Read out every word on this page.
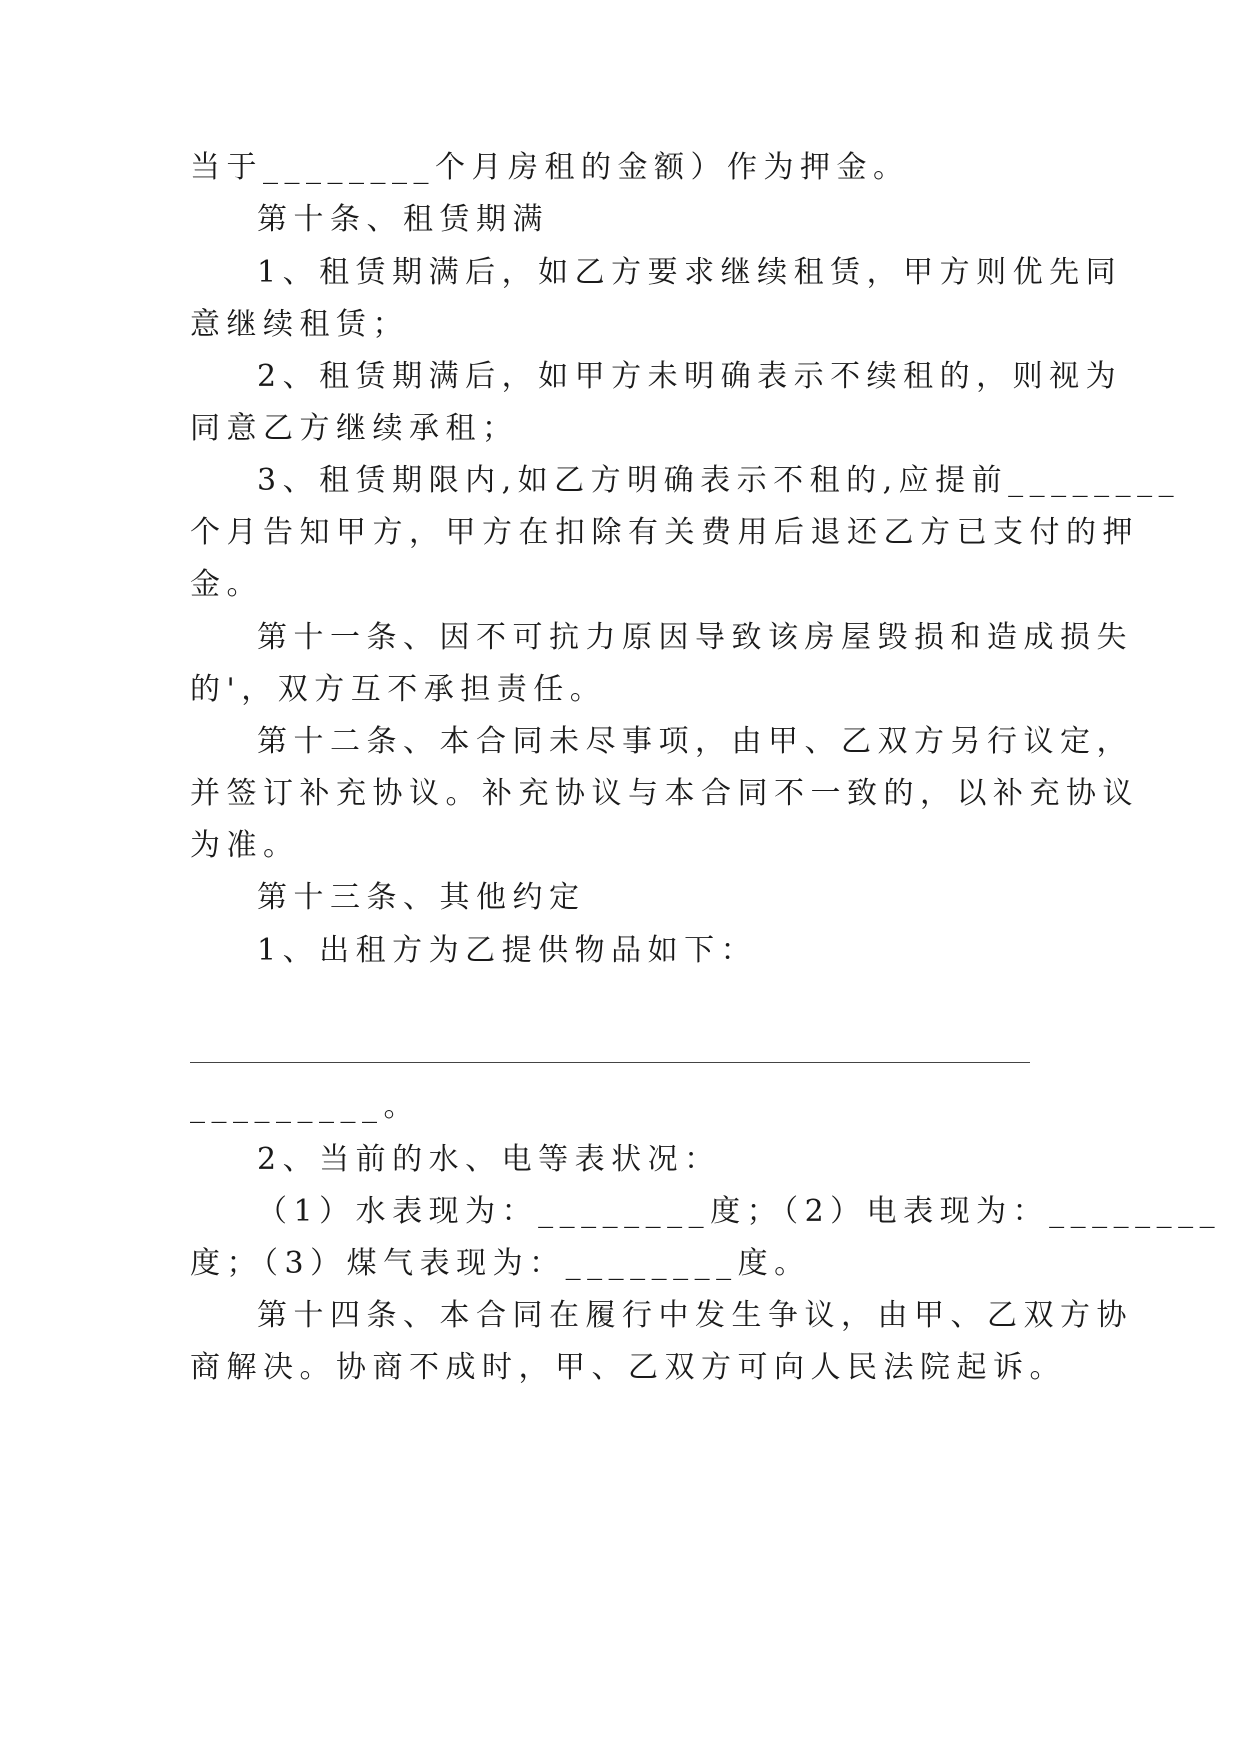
当于________个月房租的金额）作为押金。
第十条、租赁期满
1、租赁期满后，如乙方要求继续租赁，甲方则优先同
意继续租赁；
2、租赁期满后，如甲方未明确表示不续租的，则视为
同意乙方继续承租；
3、租赁期限内,如乙方明确表示不租的,应提前________
个月告知甲方，甲方在扣除有关费用后退还乙方已支付的押
金。
第十一条、因不可抗力原因导致该房屋毁损和造成损失
的'，双方互不承担责任。
第十二条、本合同未尽事项，由甲、乙双方另行议定，
并签订补充协议。补充协议与本合同不一致的，以补充协议
为准。
第十三条、其他约定
1、出租方为乙提供物品如下：
_________。
2、当前的水、电等表状况：
（1）水表现为：________度；（2）电表现为：________
度；（3）煤气表现为：________度。
第十四条、本合同在履行中发生争议，由甲、乙双方协
商解决。协商不成时，甲、乙双方可向人民法院起诉。
